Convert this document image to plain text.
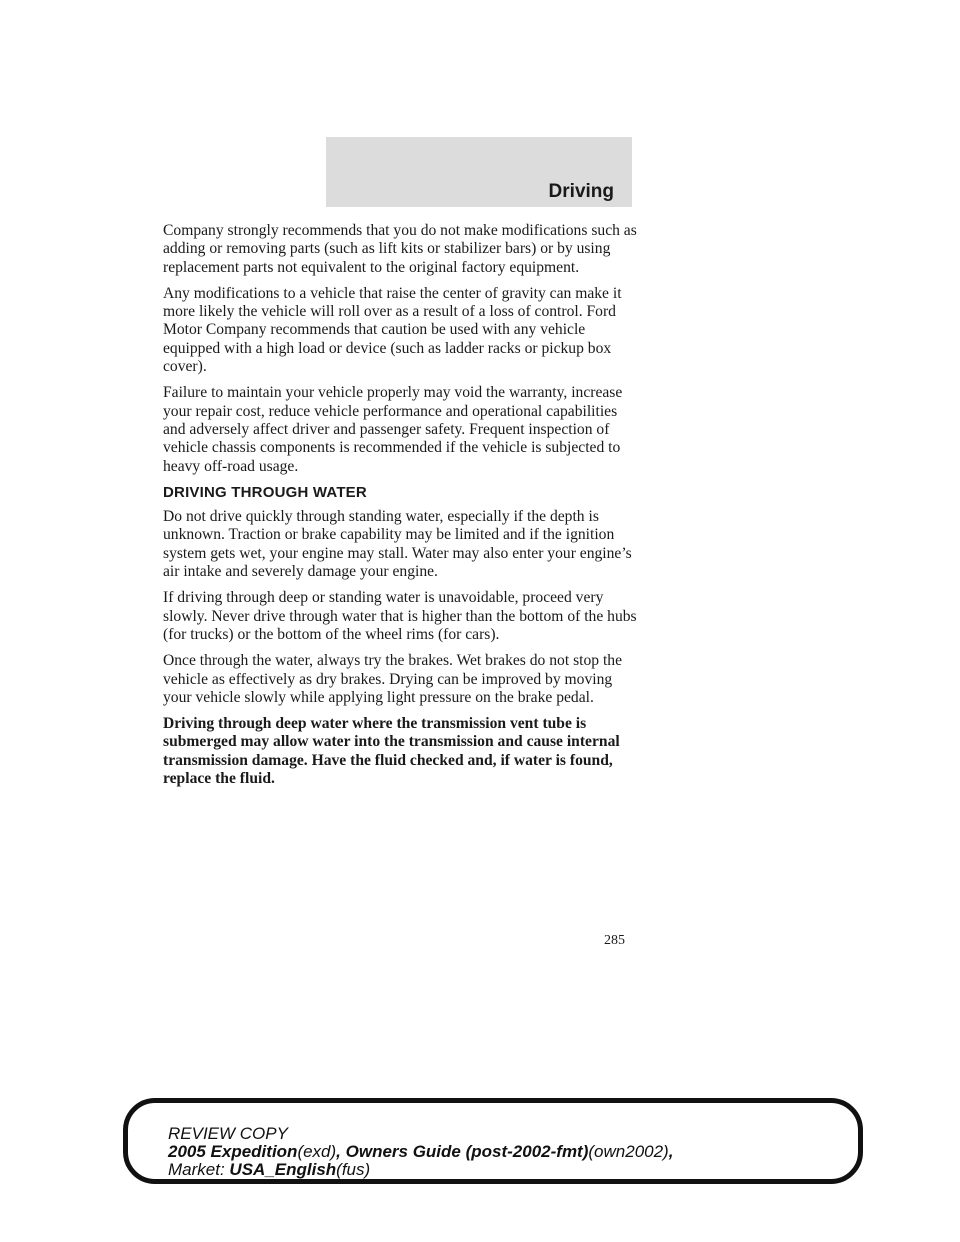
Driving

Company strongly recommends that you do not make modifications such as adding or removing parts (such as lift kits or stabilizer bars) or by using replacement parts not equivalent to the original factory equipment.

Any modifications to a vehicle that raise the center of gravity can make it more likely the vehicle will roll over as a result of a loss of control. Ford Motor Company recommends that caution be used with any vehicle equipped with a high load or device (such as ladder racks or pickup box cover).

Failure to maintain your vehicle properly may void the warranty, increase your repair cost, reduce vehicle performance and operational capabilities and adversely affect driver and passenger safety. Frequent inspection of vehicle chassis components is recommended if the vehicle is subjected to heavy off-road usage.

DRIVING THROUGH WATER

Do not drive quickly through standing water, especially if the depth is unknown. Traction or brake capability may be limited and if the ignition system gets wet, your engine may stall. Water may also enter your engine’s air intake and severely damage your engine.

If driving through deep or standing water is unavoidable, proceed very slowly. Never drive through water that is higher than the bottom of the hubs (for trucks) or the bottom of the wheel rims (for cars).

Once through the water, always try the brakes. Wet brakes do not stop the vehicle as effectively as dry brakes. Drying can be improved by moving your vehicle slowly while applying light pressure on the brake pedal.

Driving through deep water where the transmission vent tube is submerged may allow water into the transmission and cause internal transmission damage. Have the fluid checked and, if water is found, replace the fluid.

285
REVIEW COPY
2005 Expedition(exd), Owners Guide (post-2002-fmt)(own2002),
Market: USA_English(fus)
